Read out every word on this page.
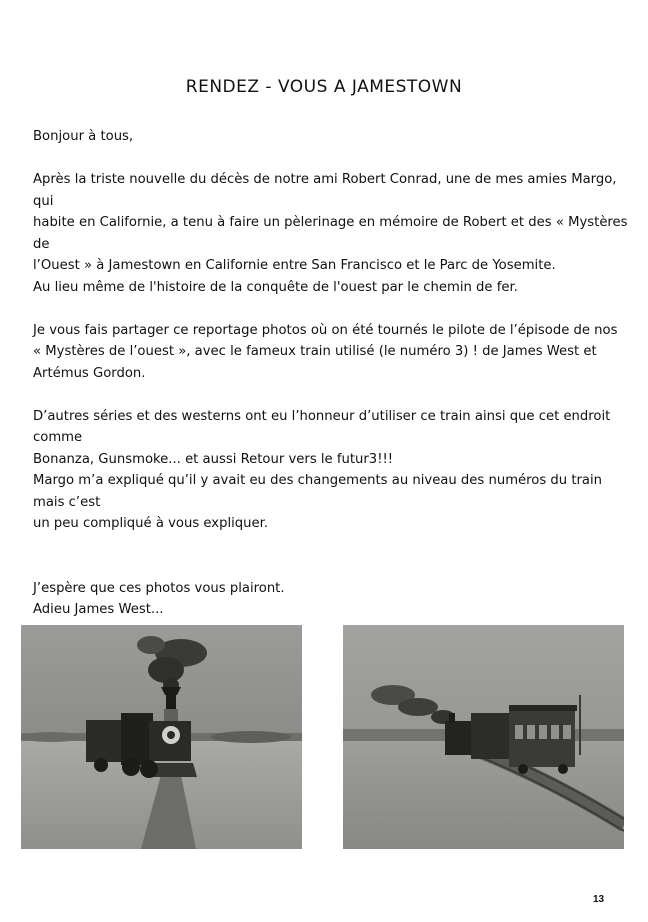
RENDEZ - VOUS A JAMESTOWN

Bonjour à tous,

Après la triste nouvelle du décès de notre ami Robert Conrad, une de mes amies Margo, qui

habite en Californie, a tenu à faire un pèlerinage en mémoire de Robert et des « Mystères de

l’Ouest » à Jamestown en Californie entre San Francisco et le Parc de Yosemite.

Au lieu même de l'histoire de la conquête de l'ouest par le chemin de fer.

Je vous fais partager ce reportage photos où on été tournés le pilote de l’épisode de nos

« Mystères de l’ouest », avec le fameux train utilisé (le numéro 3) ! de James West et

Artémus Gordon.

D’autres séries et des westerns ont eu l’honneur d’utiliser ce train ainsi que cet endroit comme

Bonanza, Gunsmoke... et aussi Retour vers le futur3!!!

Margo m’a expliqué qu’il y avait eu des changements au niveau des numéros du train mais c’est

un peu compliqué à vous expliquer.

J’espère que ces photos vous plairont.

Adieu James West...

13
